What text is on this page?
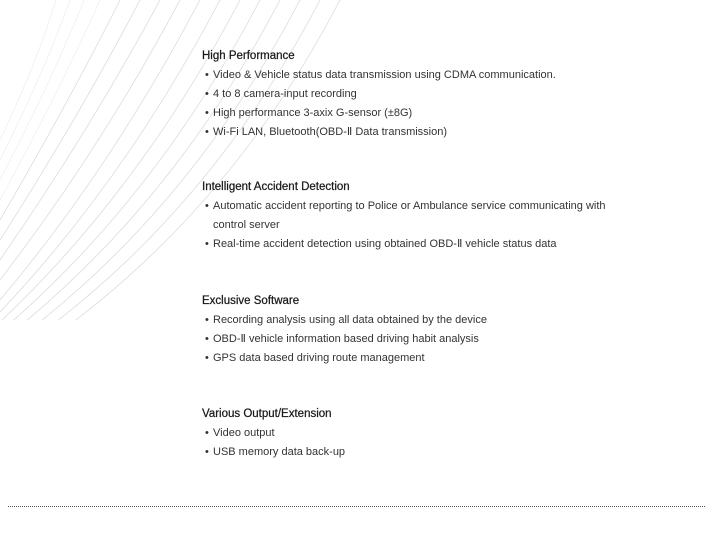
High Performance
• Video & Vehicle status data transmission using CDMA communication.
• 4 to 8 camera-input recording
• High performance 3-axix G-sensor (±8G)
• Wi-Fi LAN, Bluetooth(OBD-Ⅱ Data transmission)
Intelligent Accident Detection
• Automatic accident reporting to Police or Ambulance service communicating with control server
• Real-time accident detection using obtained OBD-Ⅱ vehicle status data
Exclusive Software
• Recording analysis using all data obtained by the device
• OBD-Ⅱ vehicle information based driving habit analysis
• GPS data based driving route management
Various Output/Extension
• Video output
• USB memory data back-up
